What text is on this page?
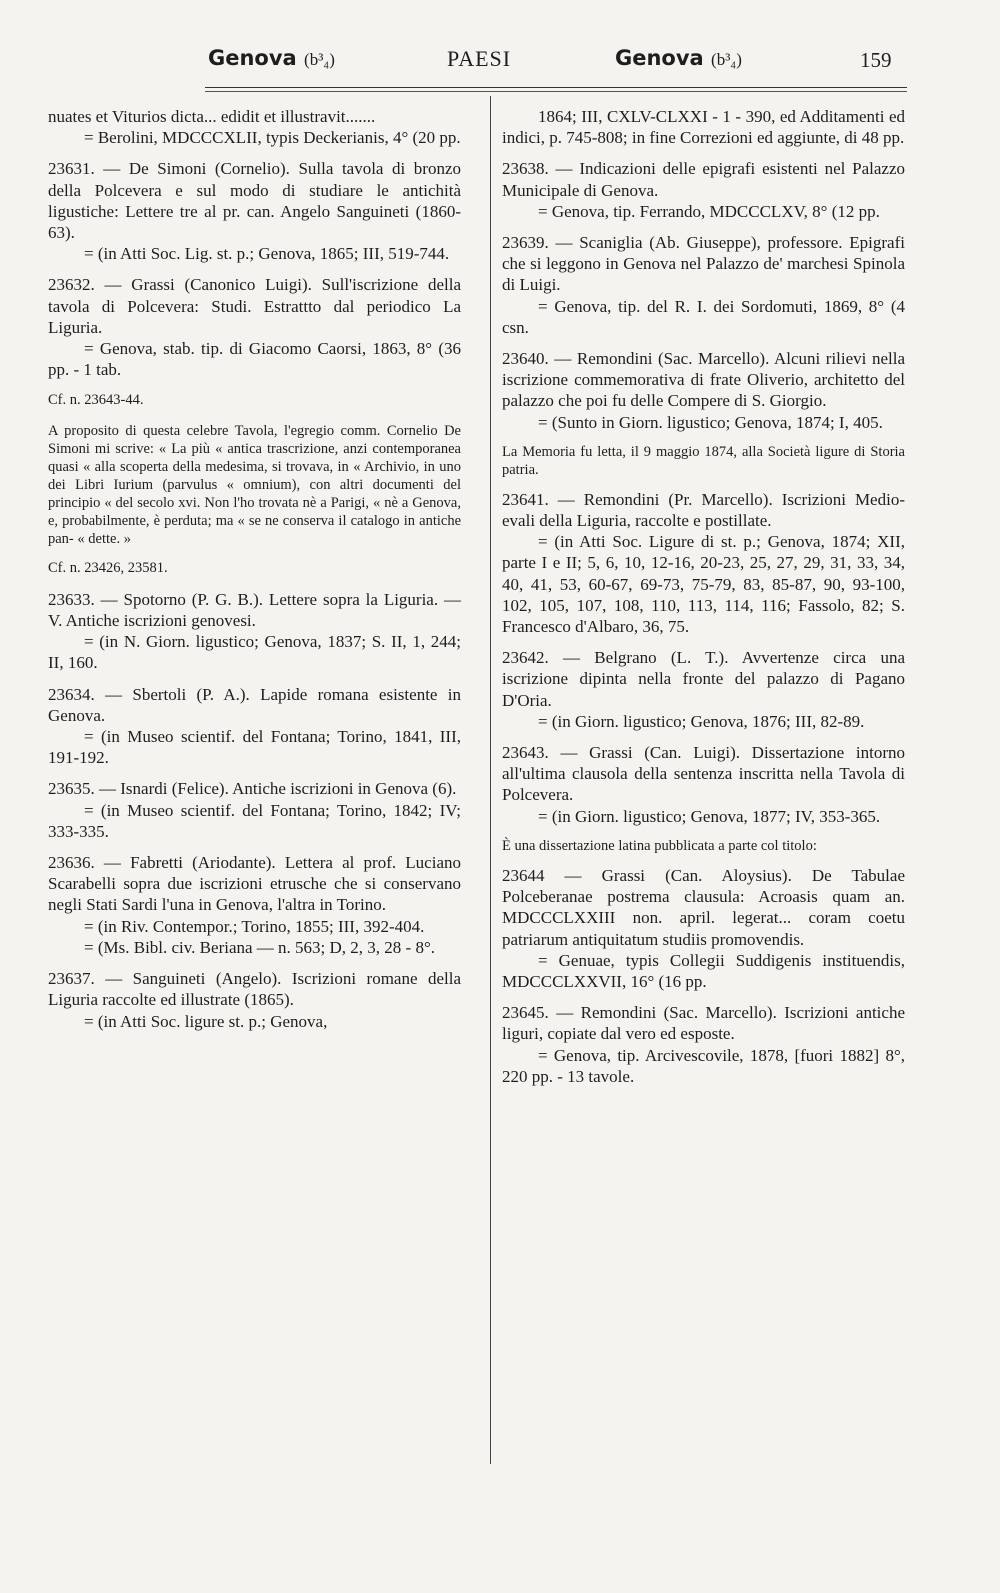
Genova (b³₄)	PAESI	Genova (b³₄)	159

nuates et Viturios dicta... edidit et illustravit.......

= Berolini, MDCCCXLII, typis Deckerianis, 4° (20 pp.

23631. — De Simoni (Cornelio). Sulla tavola di bronzo della Polcevera e sul modo di studiare le antichità ligustiche: Lettere tre al pr. can. Angelo Sanguineti (1860-63).

= (in Atti Soc. Lig. st. p.; Genova, 1865; III, 519-744.

23632. — Grassi (Canonico Luigi). Sull'iscrizione della tavola di Polcevera: Studi. Estrattto dal periodico La Liguria.

= Genova, stab. tip. di Giacomo Caorsi, 1863, 8° (36 pp. - 1 tab.

Cf. n. 23643-44.
A proposito di questa celebre Tavola, l'egregio comm. Cornelio De Simoni mi scrive: « La più « antica trascrizione, anzi contemporanea quasi « alla scoperta della medesima, si trovava, in « Archivio, in uno dei Libri Iurium (parvulus « omnium), con altri documenti del principio « del secolo xvi. Non l'ho trovata nè a Parigi, « nè a Genova, e, probabilmente, è perduta; ma « se ne conserva il catalogo in antiche pan- « dette. »
Cf. n. 23426, 23581.

23633. — Spotorno (P. G. B.). Lettere sopra la Liguria. — V. Antiche iscrizioni genovesi.

= (in N. Giorn. ligustico; Genova, 1837; S. II, 1, 244; II, 160.

23634. — Sbertoli (P. A.). Lapide romana esistente in Genova.

= (in Museo scientif. del Fontana; Torino, 1841, III, 191-192.

23635. — Isnardi (Felice). Antiche iscrizioni in Genova (6).

= (in Museo scientif. del Fontana; Torino, 1842; IV; 333-335.

23636. — Fabretti (Ariodante). Lettera al prof. Luciano Scarabelli sopra due iscrizioni etrusche che si conservano negli Stati Sardi l'una in Genova, l'altra in Torino.

= (in Riv. Contempor.; Torino, 1855; III, 392-404.

= (Ms. Bibl. civ. Beriana — n. 563; D, 2, 3, 28 - 8°.

23637. — Sanguineti (Angelo). Iscrizioni romane della Liguria raccolte ed illustrate (1865).

= (in Atti Soc. ligure st. p.; Genova,

1864; III, CXLV-CLXXI - 1 - 390, ed Additamenti ed indici, p. 745-808; in fine Correzioni ed aggiunte, di 48 pp.

23638. — Indicazioni delle epigrafi esistenti nel Palazzo Municipale di Genova.

= Genova, tip. Ferrando, MDCCCLXV, 8° (12 pp.

23639. — Scaniglia (Ab. Giuseppe), professore. Epigrafi che si leggono in Genova nel Palazzo de' marchesi Spinola di Luigi.

= Genova, tip. del R. I. dei Sordomuti, 1869, 8° (4 csn.

23640. — Remondini (Sac. Marcello). Alcuni rilievi nella iscrizione commemorativa di frate Oliverio, architetto del palazzo che poi fu delle Compere di S. Giorgio.

= (Sunto in Giorn. ligustico; Genova, 1874; I, 405.

La Memoria fu letta, il 9 maggio 1874, alla Società ligure di Storia patria.

23641. — Remondini (Pr. Marcello). Iscrizioni Medio-evali della Liguria, raccolte e postillate.

= (in Atti Soc. Ligure di st. p.; Genova, 1874; XII, parte I e II; 5, 6, 10, 12-16, 20-23, 25, 27, 29, 31, 33, 34, 40, 41, 53, 60-67, 69-73, 75-79, 83, 85-87, 90, 93-100, 102, 105, 107, 108, 110, 113, 114, 116; Fassolo, 82; S. Francesco d'Albaro, 36, 75.

23642. — Belgrano (L. T.). Avvertenze circa una iscrizione dipinta nella fronte del palazzo di Pagano D'Oria.

= (in Giorn. ligustico; Genova, 1876; III, 82-89.

23643. — Grassi (Can. Luigi). Dissertazione intorno all'ultima clausola della sentenza inscritta nella Tavola di Polcevera.

= (in Giorn. ligustico; Genova, 1877; IV, 353-365.

È una dissertazione latina pubblicata a parte col titolo:

23644 — Grassi (Can. Aloysius). De Tabulae Polceberanae postrema clausula: Acroasis quam an. MDCCCLXXIII non. april. legerat... coram coetu patriarum antiquitatum studiis promovendis.

= Genuae, typis Collegii Suddigenis instituendis, MDCCCLXXVII, 16° (16 pp.

23645. — Remondini (Sac. Marcello). Iscrizioni antiche liguri, copiate dal vero ed esposte.

= Genova, tip. Arcivescovile, 1878, [fuori 1882] 8°, 220 pp. - 13 tavole.
